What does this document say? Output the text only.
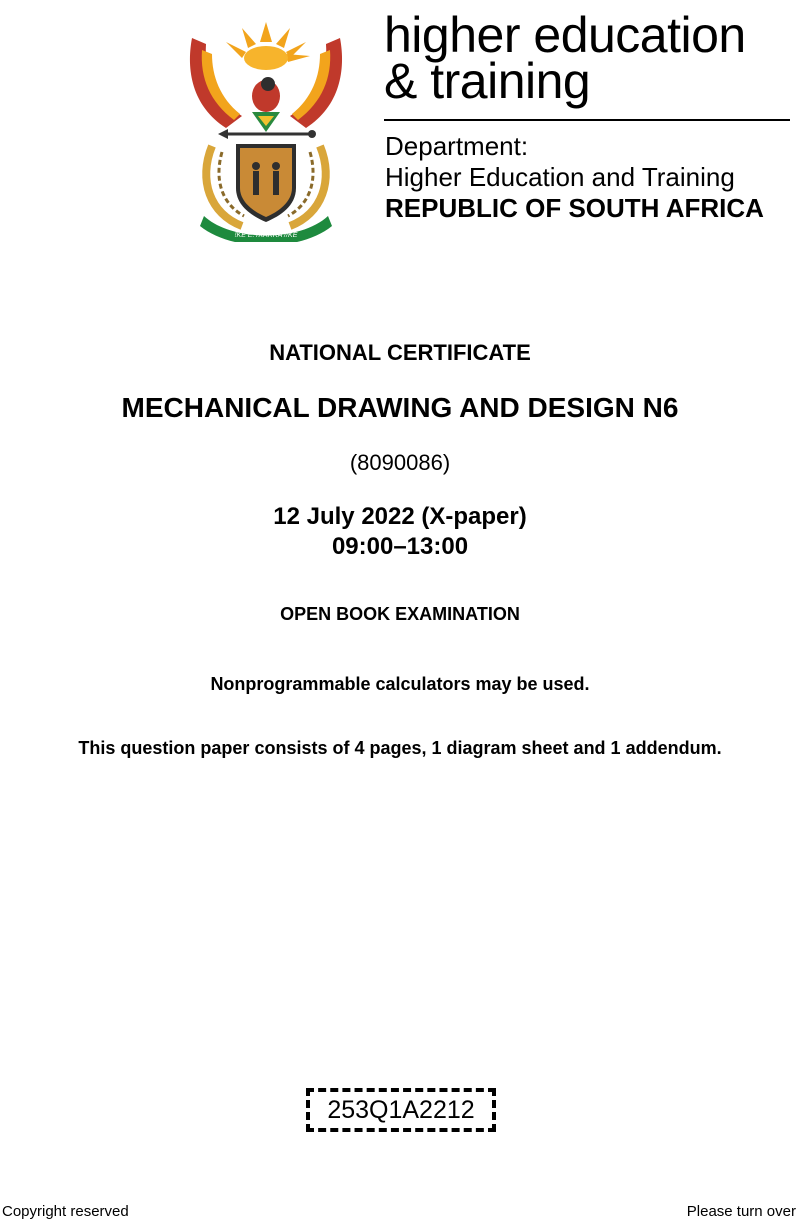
!KE E: /XARRA //KE
higher education
& training
Department:
Higher Education and Training
REPUBLIC OF SOUTH AFRICA
NATIONAL CERTIFICATE
MECHANICAL DRAWING AND DESIGN N6
(8090086)
12 July 2022 (X-paper)
09:00–13:00
OPEN BOOK EXAMINATION
Nonprogrammable calculators may be used.
This question paper consists of 4 pages, 1 diagram sheet and 1 addendum.
253Q1A2212
Copyright reserved	Please turn over
